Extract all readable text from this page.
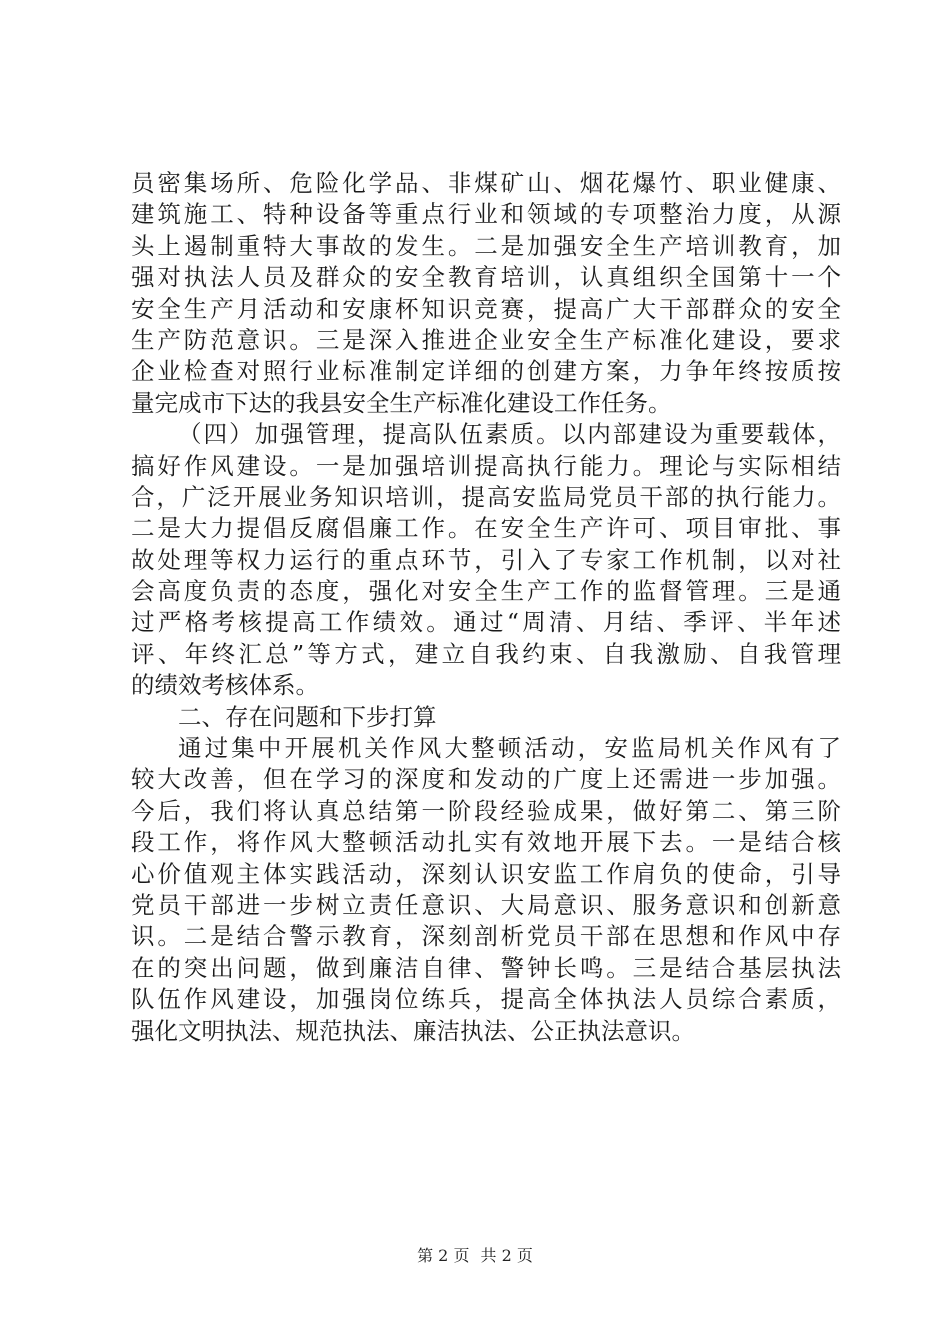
员密集场所、危险化学品、非煤矿山、烟花爆竹、职业健康、
建筑施工、特种设备等重点行业和领域的专项整治力度，从源
头上遏制重特大事故的发生。二是加强安全生产培训教育，加
强对执法人员及群众的安全教育培训，认真组织全国第十一个
安全生产月活动和安康杯知识竞赛，提高广大干部群众的安全
生产防范意识。三是深入推进企业安全生产标准化建设，要求
企业检查对照行业标准制定详细的创建方案，力争年终按质按
量完成市下达的我县安全生产标准化建设工作任务。
（四）加强管理，提高队伍素质。以内部建设为重要载体，
搞好作风建设。一是加强培训提高执行能力。理论与实际相结
合，广泛开展业务知识培训，提高安监局党员干部的执行能力。
二是大力提倡反腐倡廉工作。在安全生产许可、项目审批、事
故处理等权力运行的重点环节，引入了专家工作机制，以对社
会高度负责的态度，强化对安全生产工作的监督管理。三是通
过严格考核提高工作绩效。通过“周清、月结、季评、半年述
评、年终汇总”等方式，建立自我约束、自我激励、自我管理
的绩效考核体系。
二、存在问题和下步打算
通过集中开展机关作风大整顿活动，安监局机关作风有了
较大改善，但在学习的深度和发动的广度上还需进一步加强。
今后，我们将认真总结第一阶段经验成果，做好第二、第三阶
段工作，将作风大整顿活动扎实有效地开展下去。一是结合核
心价值观主体实践活动，深刻认识安监工作肩负的使命，引导
党员干部进一步树立责任意识、大局意识、服务意识和创新意
识。二是结合警示教育，深刻剖析党员干部在思想和作风中存
在的突出问题，做到廉洁自律、警钟长鸣。三是结合基层执法
队伍作风建设，加强岗位练兵，提高全体执法人员综合素质，
强化文明执法、规范执法、廉洁执法、公正执法意识。
第 2 页 共 2 页
